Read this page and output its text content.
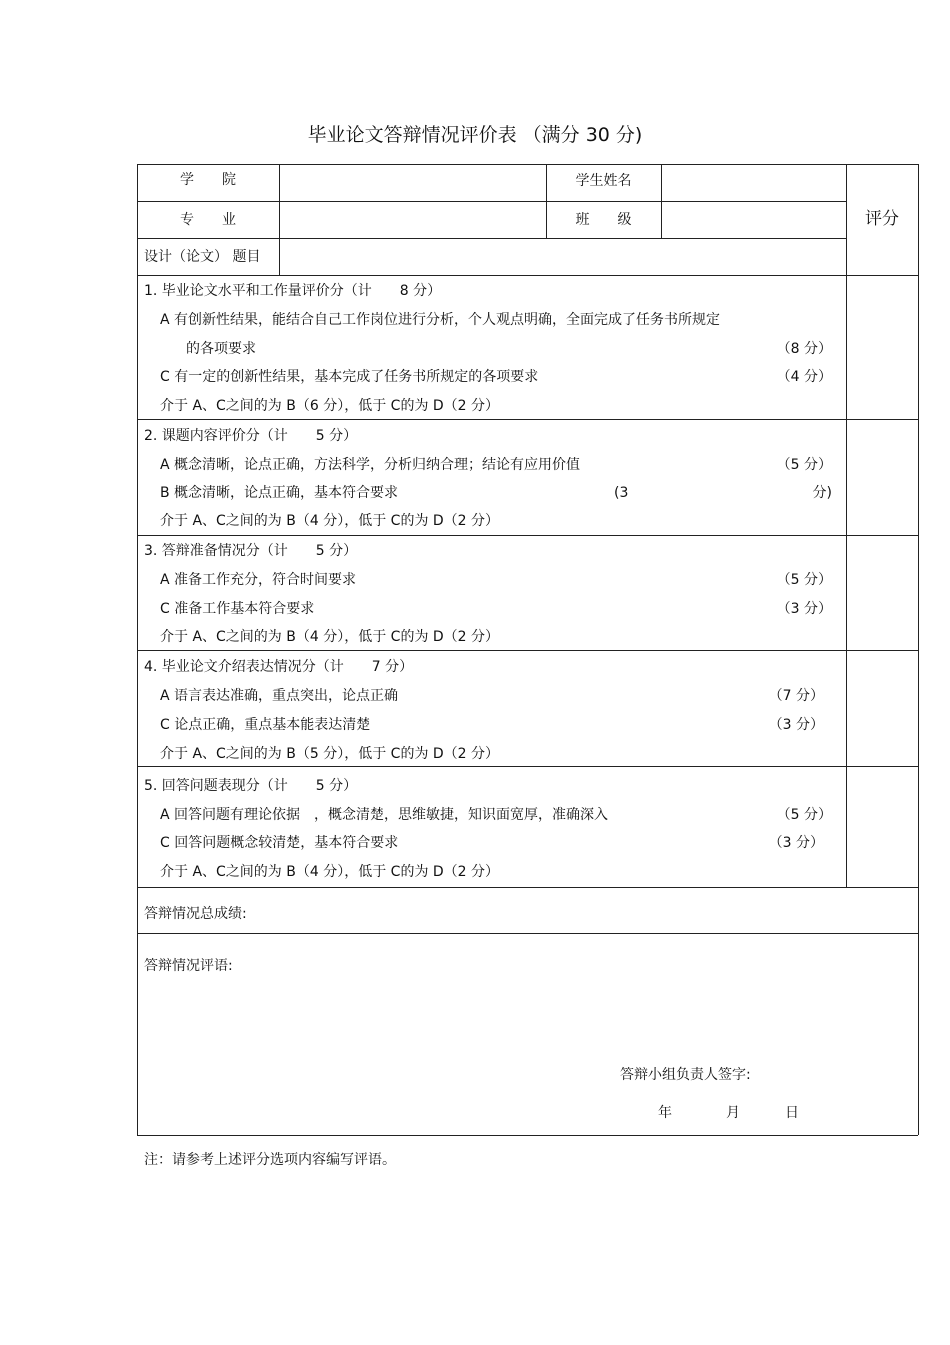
毕业论文答辩情况评价表 （满分 30 分)
学　　院	学生姓名
专　　业	班　　级
设计（论文） 题目
评分
1. 毕业论文水平和工作量评价分（计　　8 分）
A 有创新性结果，能结合自己工作岗位进行分析，个人观点明确，全面完成了任务书所规定
的各项要求	（8 分）
C 有一定的创新性结果，基本完成了任务书所规定的各项要求	（4 分）
介于 A、C之间的为 B（6 分），低于 C的为 D（2 分）
2. 课题内容评价分（计　　5 分）
A 概念清晰，论点正确，方法科学，分析归纳合理；结论有应用价值	（5 分）
B 概念清晰，论点正确，基本符合要求	(3	分)
介于 A、C之间的为 B（4 分），低于 C的为 D（2 分）
3. 答辩准备情况分（计　　5 分）
A 准备工作充分，符合时间要求	（5 分）
C 准备工作基本符合要求	（3 分）
介于 A、C之间的为 B（4 分），低于 C的为 D（2 分）
4. 毕业论文介绍表达情况分（计　　7 分）
A 语言表达准确，重点突出，论点正确	（7 分）
C 论点正确，重点基本能表达清楚	（3 分）
介于 A、C之间的为 B（5 分），低于 C的为 D（2 分）
5. 回答问题表现分（计　　5 分）
A 回答问题有理论依据　，概念清楚，思维敏捷，知识面宽厚，准确深入	（5 分）
C 回答问题概念较清楚，基本符合要求	（3 分）
介于 A、C之间的为 B（4 分），低于 C的为 D（2 分）
答辩情况总成绩:
答辩情况评语:
答辩小组负责人签字:
年	月	日
注：请参考上述评分选项内容编写评语。
